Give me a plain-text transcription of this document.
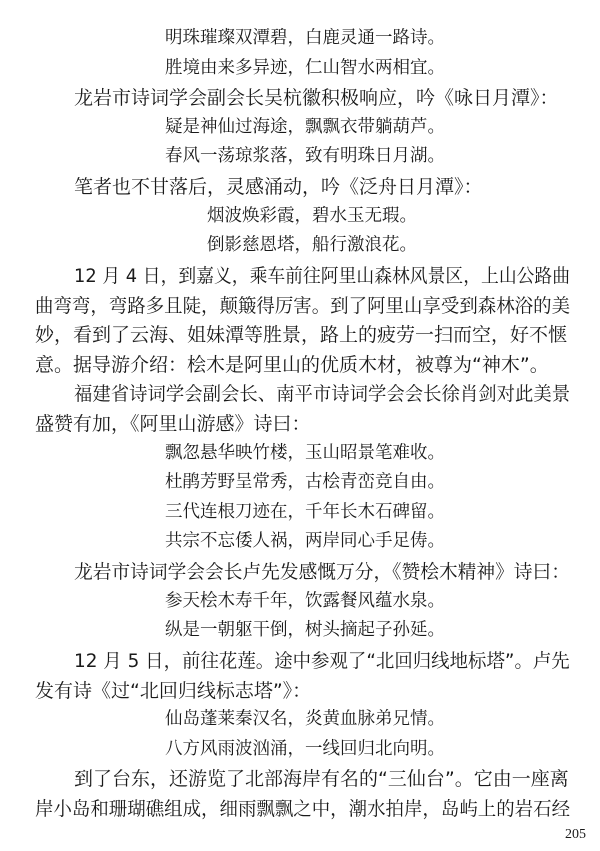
明珠璀璨双潭碧，白鹿灵通一路诗。
胜境由来多异迹，仁山智水两相宜。
龙岩市诗词学会副会长吴杭徽积极响应，吟《咏日月潭》：
疑是神仙过海途，飘飘衣带躺葫芦。
春风一荡琼浆落，致有明珠日月湖。
笔者也不甘落后，灵感涌动，吟《泛舟日月潭》：
烟波焕彩霞，碧水玉无瑕。
倒影慈恩塔，船行激浪花。
12 月 4 日，到嘉义，乘车前往阿里山森林风景区，上山公路曲
曲弯弯，弯路多且陡，颠簸得厉害。到了阿里山享受到森林浴的美
妙，看到了云海、姐妹潭等胜景，路上的疲劳一扫而空，好不惬
意。据导游介绍：桧木是阿里山的优质木材，被尊为“神木”。
福建省诗词学会副会长、南平市诗词学会会长徐肖剑对此美景
盛赞有加，《阿里山游感》诗曰：
飘忽悬华映竹楼，玉山昭景笔难收。
杜鹃芳野呈常秀，古桧青峦竞自由。
三代连根刀迹在，千年长木石碑留。
共宗不忘倭人祸，两岸同心手足俦。
龙岩市诗词学会会长卢先发感慨万分，《赞桧木精神》诗曰：
参天桧木寿千年，饮露餐风蕴水泉。
纵是一朝躯干倒，树头摘起子孙延。
12 月 5 日，前往花莲。途中参观了“北回归线地标塔”。卢先
发有诗《过“北回归线标志塔”》：
仙岛蓬莱秦汉名，炎黄血脉弟兄情。
八方风雨波汹涌，一线回归北向明。
到了台东，还游览了北部海岸有名的“三仙台”。它由一座离
岸小岛和珊瑚礁组成，细雨飘飘之中，潮水拍岸，岛屿上的岩石经
205
